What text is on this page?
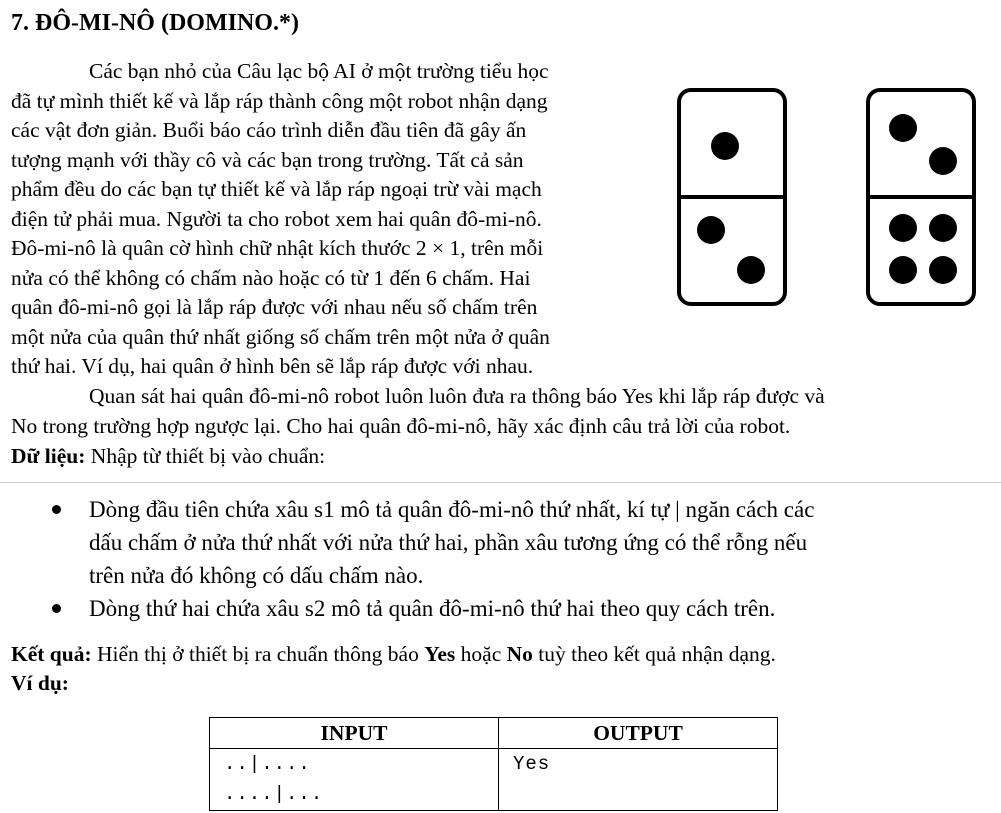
7. ĐÔ-MI-NÔ (DOMINO.*)
Các bạn nhỏ của Câu lạc bộ AI ở một trường tiểu học
đã tự mình thiết kế và lắp ráp thành công một robot nhận dạng
các vật đơn giản. Buổi báo cáo trình diễn đầu tiên đã gây ấn
tượng mạnh với thầy cô và các bạn trong trường. Tất cả sản
phẩm đều do các bạn tự thiết kế và lắp ráp ngoại trừ vài mạch
điện tử phải mua. Người ta cho robot xem hai quân đô-mi-nô.
Đô-mi-nô là quân cờ hình chữ nhật kích thước 2 × 1, trên mỗi
nửa có thể không có chấm nào hoặc có từ 1 đến 6 chấm. Hai
quân đô-mi-nô gọi là lắp ráp được với nhau nếu số chấm trên
một nửa của quân thứ nhất giống số chấm trên một nửa ở quân
thứ hai. Ví dụ, hai quân ở hình bên sẽ lắp ráp được với nhau.
Quan sát hai quân đô-mi-nô robot luôn luôn đưa ra thông báo Yes khi lắp ráp được và
No trong trường hợp ngược lại. Cho hai quân đô-mi-nô, hãy xác định câu trả lời của robot.
Dữ liệu: Nhập từ thiết bị vào chuẩn:
Dòng đầu tiên chứa xâu s1 mô tả quân đô-mi-nô thứ nhất, kí tự | ngăn cách các
dấu chấm ở nửa thứ nhất với nửa thứ hai, phần xâu tương ứng có thể rỗng nếu
trên nửa đó không có dấu chấm nào.
Dòng thứ hai chứa xâu s2 mô tả quân đô-mi-nô thứ hai theo quy cách trên.
Kết quả: Hiển thị ở thiết bị ra chuẩn thông báo Yes hoặc No tuỳ theo kết quả nhận dạng.
Ví dụ:
INPUT	OUTPUT

..|....
....|...	Yes
